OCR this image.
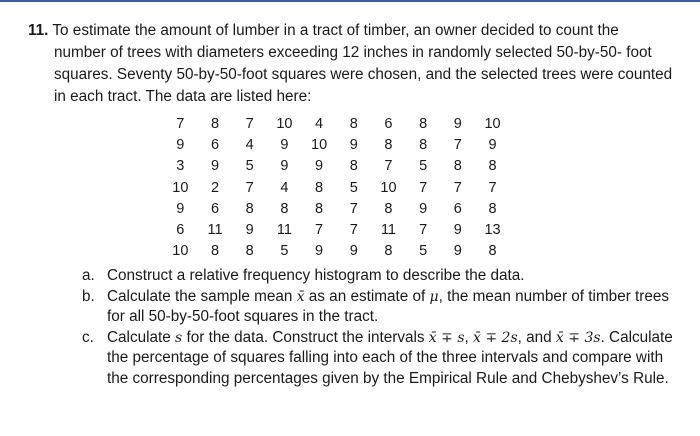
11. To estimate the amount of lumber in a tract of timber, an owner decided to count the
number of trees with diameters exceeding 12 inches in randomly selected 50-by-50- foot
squares. Seventy 50-by-50-foot squares were chosen, and the selected trees were counted
in each tract. The data are listed here:

7	8	7	10	4	8	6	8	9	10
9	6	4	9	10	9	8	8	7	9
3	9	5	9	9	8	7	5	8	8
10	2	7	4	8	5	10	7	7	7
9	6	8	8	8	7	8	9	6	8
6	11	9	11	7	7	11	7	9	13
10	8	8	5	9	9	8	5	9	8
a. Construct a relative frequency histogram to describe the data.
b. Calculate the sample mean x̄ as an estimate of μ, the mean number of timber trees
for all 50-by-50-foot squares in the tract.
c. Calculate s for the data. Construct the intervals x̄ ∓ s, x̄ ∓ 2s, and x̄ ∓ 3s. Calculate
the percentage of squares falling into each of the three intervals and compare with
the corresponding percentages given by the Empirical Rule and Chebyshev’s Rule.
